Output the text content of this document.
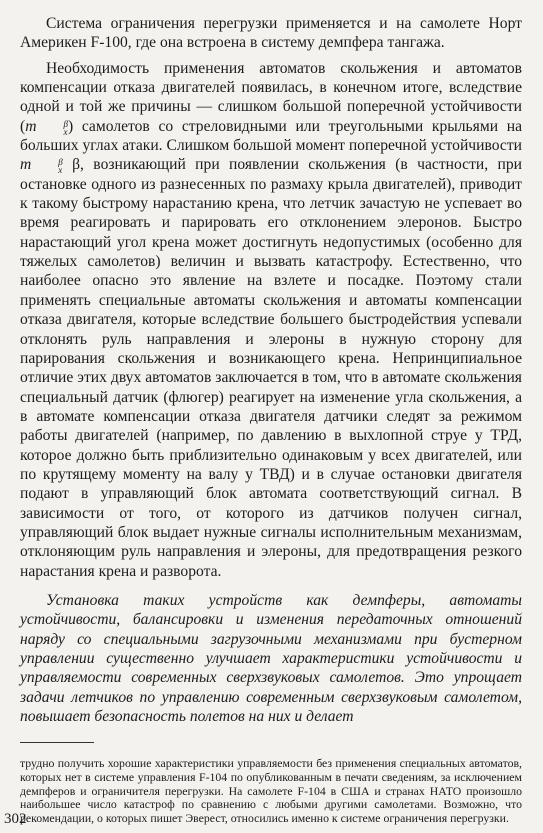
Система ограничения перегрузки применяется и на самолете Норт Америкен F-100, где она встроена в систему демпфера тангажа.

Необходимость применения автоматов скольжения и автоматов компенсации отказа двигателей появилась, в конечном итоге, вследствие одной и той же причины — слишком большой поперечной устойчивости (m	β
x ) самолетов со стреловидными или треугольными крыльями на больших углах атаки. Слишком большой момент поперечной устойчивости m	β
x β, возникающий при появлении скольжения (в частности, при остановке одного из разнесенных по размаху крыла двигателей), приводит к такому быстрому нарастанию крена, что летчик зачастую не успевает во время реагировать и парировать его отклонением элеронов. Быстро нарастающий угол крена может достигнуть недопустимых (особенно для тяжелых самолетов) величин и вызвать катастрофу. Естественно, что наиболее опасно это явление на взлете и посадке. Поэтому стали применять специальные автоматы скольжения и автоматы компенсации отказа двигателя, которые вследствие большего быстродействия успевали отклонять руль направления и элероны в нужную сторону для парирования скольжения и возникающего крена. Непринципиальное отличие этих двух автоматов заключается в том, что в автомате скольжения специальный датчик (флюгер) реагирует на изменение угла скольжения, а в автомате компенсации отказа двигателя датчики следят за режимом работы двигателей (например, по давлению в выхлопной струе у ТРД, которое должно быть приблизительно одинаковым у всех двигателей, или по крутящему моменту на валу у ТВД) и в случае остановки двигателя подают в управляющий блок автомата соответствующий сигнал. В зависимости от того, от которого из датчиков получен сигнал, управляющий блок выдает нужные сигналы исполнительным механизмам, отклоняющим руль направления и элероны, для предотвращения резкого нарастания крена и разворота.

Установка таких устройств как демпферы, автоматы устойчивости, балансировки и изменения передаточных отношений наряду со специальными загрузочными механизмами при бустерном управлении существенно улучшает характеристики устойчивости и управляемости современных сверхзвуковых самолетов. Это упрощает задачи летчиков по управлению современным сверхзвуковым самолетом, повышает безопасность полетов на них и делает

трудно получить хорошие характеристики управляемости без применения специальных автоматов, которых нет в системе управления F-104 по опубликованным в печати сведениям, за исключением демпферов и ограничителя перегрузки. На самолете F-104 в США и странах НАТО произошло наибольшее число катастроф по сравнению с любыми другими самолетами. Возможно, что рекомендации, о которых пишет Эверест, относились именно к системе ограничения перегрузки.

302
